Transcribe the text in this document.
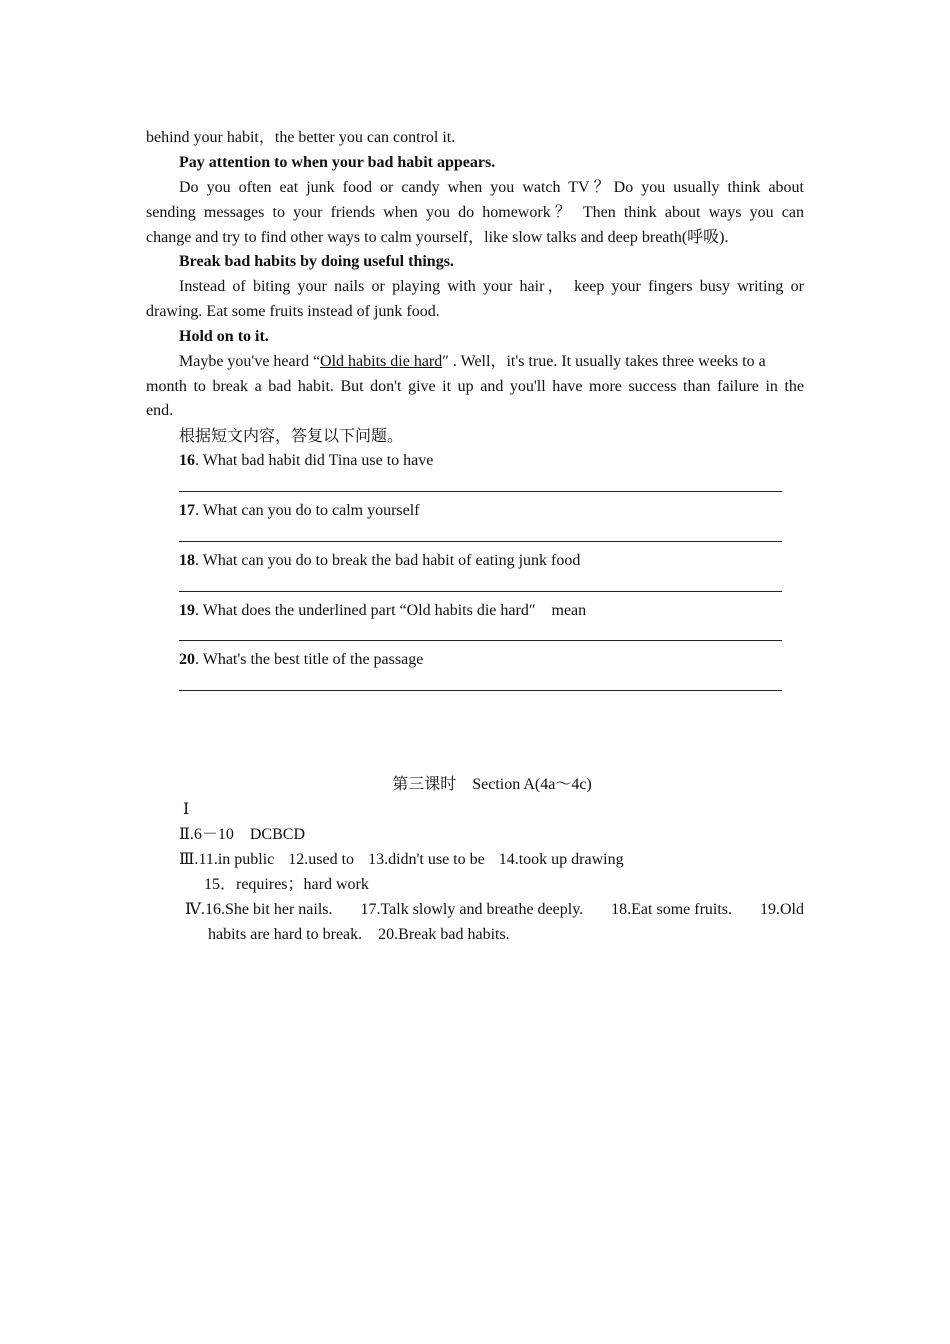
behind your habit，the better you can control it.
Pay attention to when your bad habit appears.
Do you often eat junk food or candy when you watch TV？Do you usually think about
sending messages to your friends when you do homework？ Then think about ways you can
change and try to find other ways to calm yourself，like slow talks and deep breath(呼吸).
Break bad habits by doing useful things.
Instead of biting your nails or playing with your hair， keep your fingers busy writing or
drawing. Eat some fruits instead of junk food.
Hold on to it.
Maybe you've heard “Old habits die hard″ . Well，it's true. It usually takes three weeks to a
month to break a bad habit. But don't give it up and you'll have more success than failure in the
end.
根据短文内容，答复以下问题。
16. What bad habit did Tina use to have
17. What can you do to calm yourself
18. What can you do to break the bad habit of eating junk food
19. What does the underlined part “Old habits die hard″　mean
20. What's the best title of the passage
第三课时　Section A(4a～4c)
Ⅰ
Ⅱ.6－10　DCBCD
Ⅲ.11.in public 12.used to 13.didn't use to be 14.took up drawing
15．requires；hard work
Ⅳ.16.She bit her nails. 17.Talk slowly and breathe deeply. 18.Eat some fruits. 19.Old
habits are hard to break.　20.Break bad habits.
